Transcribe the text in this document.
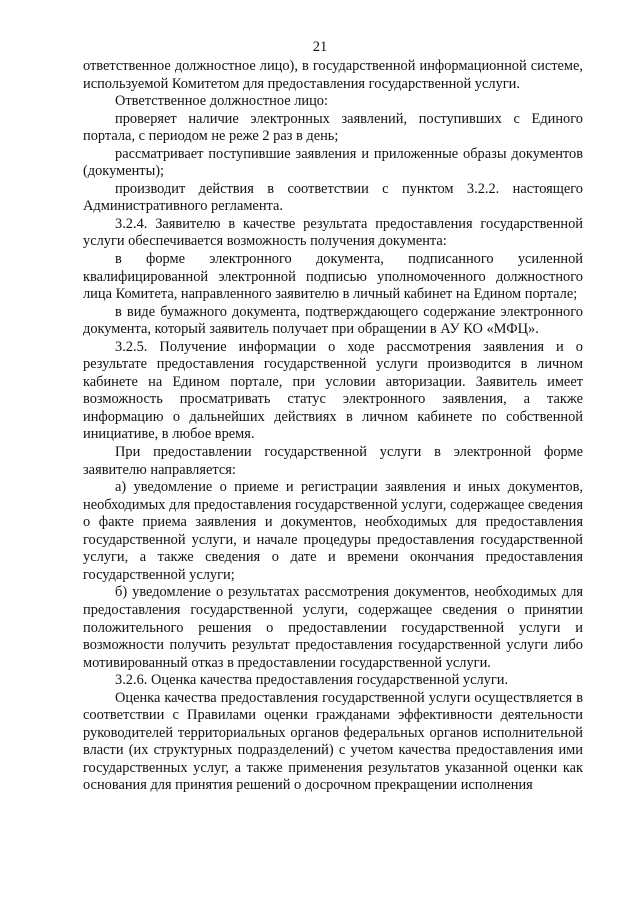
21

ответственное должностное лицо), в государственной информационной системе, используемой Комитетом для предоставления государственной услуги.

Ответственное должностное лицо:

проверяет наличие электронных заявлений, поступивших с Единого портала, с периодом не реже 2 раз в день;

рассматривает поступившие заявления и приложенные образы документов (документы);

производит действия в соответствии с пунктом 3.2.2. настоящего Административного регламента.

3.2.4. Заявителю в качестве результата предоставления государственной услуги обеспечивается возможность получения документа:

в форме электронного документа, подписанного усиленной квалифицированной электронной подписью уполномоченного должностного лица Комитета, направленного заявителю в личный кабинет на Едином портале;

в виде бумажного документа, подтверждающего содержание электронного документа, который заявитель получает при обращении в АУ КО «МФЦ».

3.2.5. Получение информации о ходе рассмотрения заявления и о результате предоставления государственной услуги производится в личном кабинете на Едином портале, при условии авторизации. Заявитель имеет возможность просматривать статус электронного заявления, а также информацию о дальнейших действиях в личном кабинете по собственной инициативе, в любое время.

При предоставлении государственной услуги в электронной форме заявителю направляется:

а) уведомление о приеме и регистрации заявления и иных документов, необходимых для предоставления государственной услуги, содержащее сведения о факте приема заявления и документов, необходимых для предоставления государственной услуги, и начале процедуры предоставления государственной услуги, а также сведения о дате и времени окончания предоставления государственной услуги;

б) уведомление о результатах рассмотрения документов, необходимых для предоставления государственной услуги, содержащее сведения о принятии положительного решения о предоставлении государственной услуги и возможности получить результат предоставления государственной услуги либо мотивированный отказ в предоставлении государственной услуги.

3.2.6. Оценка качества предоставления государственной услуги.

Оценка качества предоставления государственной услуги осуществляется в соответствии с Правилами оценки гражданами эффективности деятельности руководителей территориальных органов федеральных органов исполнительной власти (их структурных подразделений) с учетом качества предоставления ими государственных услуг, а также применения результатов указанной оценки как основания для принятия решений о досрочном прекращении исполнения
